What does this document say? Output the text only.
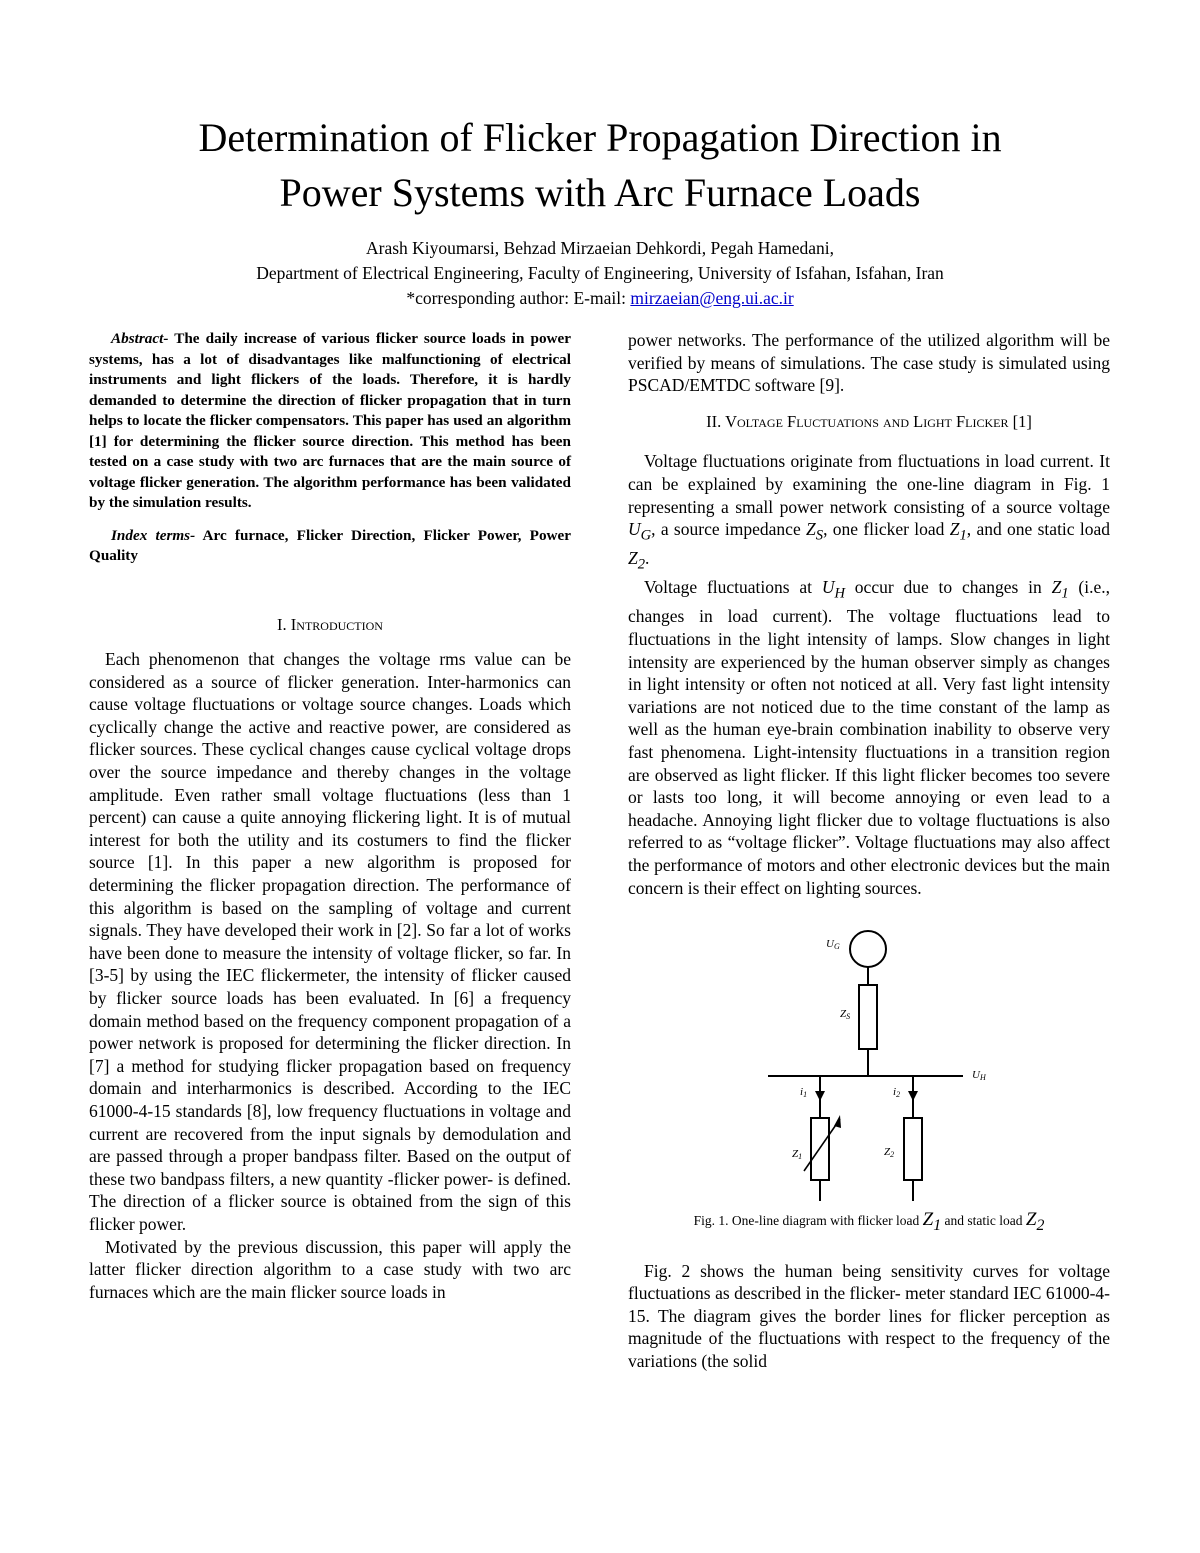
Determination of Flicker Propagation Direction in
Power Systems with Arc Furnace Loads
Arash Kiyoumarsi, Behzad Mirzaeian Dehkordi, Pegah Hamedani,
Department of Electrical Engineering, Faculty of Engineering, University of Isfahan, Isfahan, Iran
*corresponding author: E-mail: mirzaeian@eng.ui.ac.ir

Abstract- The daily increase of various flicker source loads in power systems, has a lot of disadvantages like malfunctioning of electrical instruments and light flickers of the loads. Therefore, it is hardly demanded to determine the direction of flicker propagation that in turn helps to locate the flicker compensators. This paper has used an algorithm [1] for determining the flicker source direction. This method has been tested on a case study with two arc furnaces that are the main source of voltage flicker generation. The algorithm performance has been validated by the simulation results.

Index terms- Arc furnace, Flicker Direction, Flicker Power, Power Quality

I. Introduction

Each phenomenon that changes the voltage rms value can be considered as a source of flicker generation. Inter-harmonics can cause voltage fluctuations or voltage source changes. Loads which cyclically change the active and reactive power, are considered as flicker sources. These cyclical changes cause cyclical voltage drops over the source impedance and thereby changes in the voltage amplitude. Even rather small voltage fluctuations (less than 1 percent) can cause a quite annoying flickering light. It is of mutual interest for both the utility and its costumers to find the flicker source [1]. In this paper a new algorithm is proposed for determining the flicker propagation direction. The performance of this algorithm is based on the sampling of voltage and current signals. They have developed their work in [2]. So far a lot of works have been done to measure the intensity of voltage flicker, so far. In [3-5] by using the IEC flickermeter, the intensity of flicker caused by flicker source loads has been evaluated. In [6] a frequency domain method based on the frequency component propagation of a power network is proposed for determining the flicker direction. In [7] a method for studying flicker propagation based on frequency domain and interharmonics is described. According to the IEC 61000-4-15 standards [8], low frequency fluctuations in voltage and current are recovered from the input signals by demodulation and are passed through a proper bandpass filter. Based on the output of these two bandpass filters, a new quantity -flicker power- is defined. The direction of a flicker source is obtained from the sign of this flicker power.

Motivated by the previous discussion, this paper will apply the latter flicker direction algorithm to a case study with two arc furnaces which are the main flicker source loads in

power networks. The performance of the utilized algorithm will be verified by means of simulations. The case study is simulated using PSCAD/EMTDC software [9].

II. Voltage Fluctuations and Light Flicker [1]

Voltage fluctuations originate from fluctuations in load current. It can be explained by examining the one-line diagram in Fig. 1 representing a small power network consisting of a source voltage $U_G$, a source impedance $Z_S$, one flicker load $Z_1$, and one static load $Z_2$.

Voltage fluctuations at $U_H$ occur due to changes in $Z_1$ (i.e., changes in load current). The voltage fluctuations lead to fluctuations in the light intensity of lamps. Slow changes in light intensity are experienced by the human observer simply as changes in light intensity or often not noticed at all. Very fast light intensity variations are not noticed due to the time constant of the lamp as well as the human eye-brain combination inability to observe very fast phenomena. Light-intensity fluctuations in a transition region are observed as light flicker. If this light flicker becomes too severe or lasts too long, it will become annoying or even lead to a headache. Annoying light flicker due to voltage fluctuations is also referred to as “voltage flicker”. Voltage fluctuations may also affect the performance of motors and other electronic devices but the main concern is their effect on lighting sources.

UG
ZS
UH
i1	i2
Z1	Z2
Fig. 1. One-line diagram with flicker load $Z_1$ and static load $Z_2$

Fig. 2 shows the human being sensitivity curves for voltage fluctuations as described in the flicker- meter standard IEC 61000-4-15. The diagram gives the border lines for flicker perception as magnitude of the fluctuations with respect to the frequency of the variations (the solid
